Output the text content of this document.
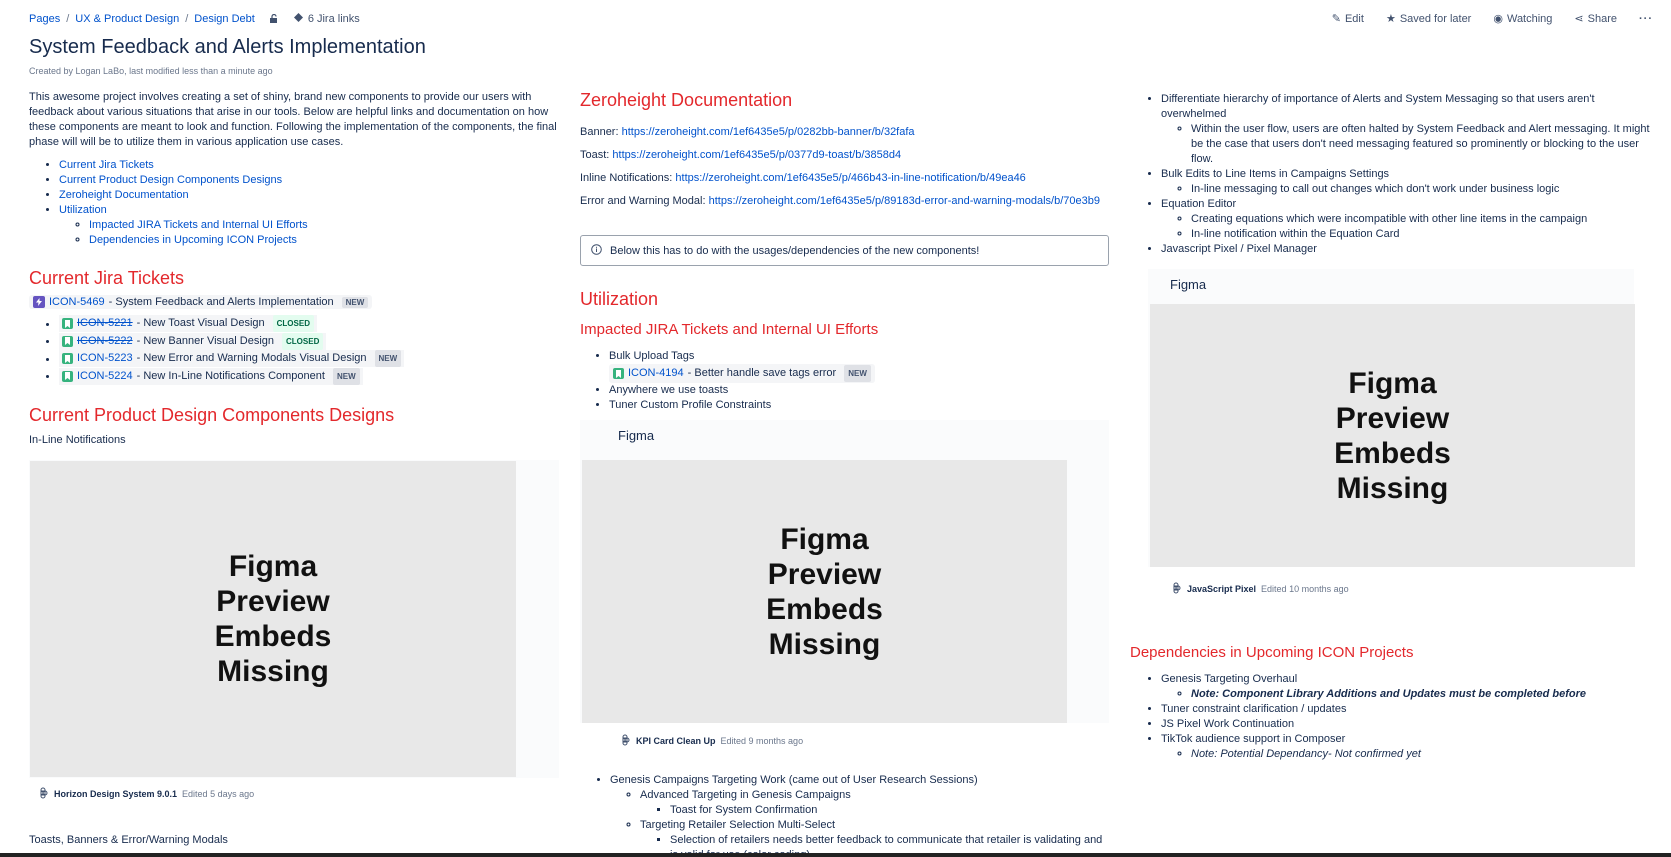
Pages / UX & Product Design / Design Debt	6 Jira links	✎ Edit ★ Saved for later ◉ Watching ⋖ Share ···
System Feedback and Alerts Implementation
Created by Logan LaBo, last modified less than a minute ago

This awesome project involves creating a set of shiny, brand new components to provide our users with feedback about various situations that arise in our tools. Below are helpful links and documentation on how these components are meant to look and function. Following the implementation of the components, the final phase will will be to utilize them in various application use cases.

• Current Jira Tickets
• Current Product Design Components Designs
• Zeroheight Documentation
• Utilization
◦ Impacted JIRA Tickets and Internal UI Efforts
◦ Dependencies in Upcoming ICON Projects
Current Jira Tickets
ICON-5469 - System Feedback and Alerts Implementation	NEW
• ICON-5221 - New Toast Visual Design	CLOSED
• ICON-5222 - New Banner Visual Design	CLOSED
• ICON-5223 - New Error and Warning Modals Visual Design	NEW
• ICON-5224 - New In-Line Notifications Component	NEW
Current Product Design Components Designs
In-Line Notifications
Figma
Preview
Embeds
Missing
Horizon Design System 9.0.1 Edited 5 days ago
Toasts, Banners & Error/Warning Modals
Zeroheight Documentation
Banner: https://zeroheight.com/1ef6435e5/p/0282bb-banner/b/32fafa
Toast: https://zeroheight.com/1ef6435e5/p/0377d9-toast/b/3858d4
Inline Notifications: https://zeroheight.com/1ef6435e5/p/466b43-in-line-notification/b/49ea46
Error and Warning Modal: https://zeroheight.com/1ef6435e5/p/89183d-error-and-warning-modals/b/70e3b9
Below this has to do with the usages/dependencies of the new components!
Utilization
Impacted JIRA Tickets and Internal UI Efforts
• Bulk Upload Tags
ICON-4194 - Better handle save tags error	NEW
• Anywhere we use toasts
• Tuner Custom Profile Constraints
Figma
Figma
Preview
Embeds
Missing
KPI Card Clean Up Edited 9 months ago
• Genesis Campaigns Targeting Work (came out of User Research Sessions)
◦ Advanced Targeting in Genesis Campaigns
▪ Toast for System Confirmation
◦ Targeting Retailer Selection Multi-Select
▪ Selection of retailers needs better feedback to communicate that retailer is validating and
• Differentiate hierarchy of importance of Alerts and System Messaging so that users aren't overwhelmed
◦ Within the user flow, users are often halted by System Feedback and Alert messaging. It might be the case that users don't need messaging featured so prominently or blocking to the user flow.
• Bulk Edits to Line Items in Campaigns Settings
◦ In-line messaging to call out changes which don't work under business logic
• Equation Editor
◦ Creating equations which were incompatible with other line items in the campaign
◦ In-line notification within the Equation Card
• Javascript Pixel / Pixel Manager
Figma
Figma
Preview
Embeds
Missing
JavaScript Pixel Edited 10 months ago
Dependencies in Upcoming ICON Projects
• Genesis Targeting Overhaul
◦ Note: Component Library Additions and Updates must be completed before
• Tuner constraint clarification / updates
• JS Pixel Work Continuation
• TikTok audience support in Composer
◦ Note: Potential Dependancy- Not confirmed yet
